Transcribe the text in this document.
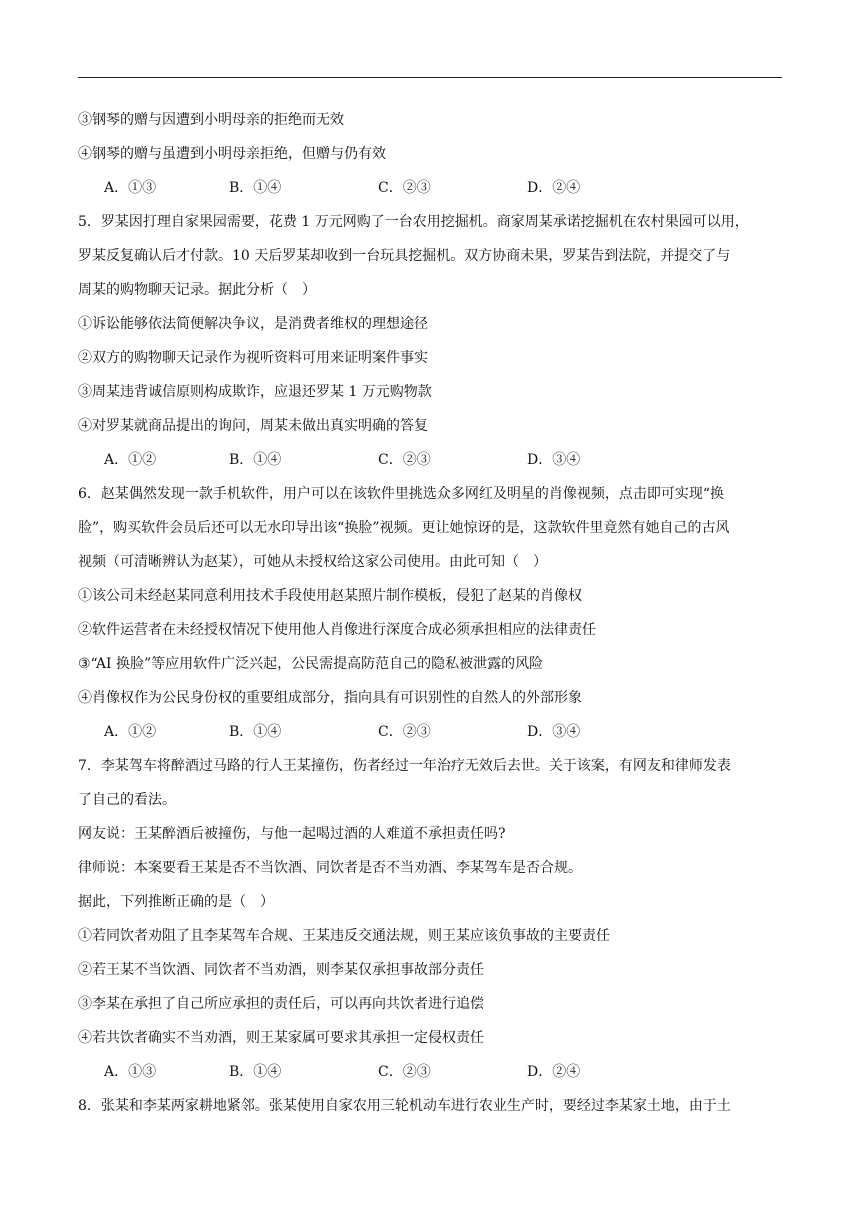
③钢琴的赠与因遭到小明母亲的拒绝而无效
④钢琴的赠与虽遭到小明母亲拒绝，但赠与仍有效
A．①③	B．①④	C．②③	D．②④
5．罗某因打理自家果园需要，花费 1 万元网购了一台农用挖掘机。商家周某承诺挖掘机在农村果园可以用，
罗某反复确认后才付款。10 天后罗某却收到一台玩具挖掘机。双方协商未果，罗某告到法院，并提交了与
周某的购物聊天记录。据此分析（　）
①诉讼能够依法简便解决争议，是消费者维权的理想途径
②双方的购物聊天记录作为视听资料可用来证明案件事实
③周某违背诚信原则构成欺诈，应退还罗某 1 万元购物款
④对罗某就商品提出的询问，周某未做出真实明确的答复
A．①②	B．①④	C．②③	D．③④
6．赵某偶然发现一款手机软件，用户可以在该软件里挑选众多网红及明星的肖像视频，点击即可实现“换
脸”，购买软件会员后还可以无水印导出该“换脸”视频。更让她惊讶的是，这款软件里竟然有她自己的古风
视频（可清晰辨认为赵某），可她从未授权给这家公司使用。由此可知（　）
①该公司未经赵某同意利用技术手段使用赵某照片制作模板，侵犯了赵某的肖像权
②软件运营者在未经授权情况下使用他人肖像进行深度合成必须承担相应的法律责任
③“AI 换脸”等应用软件广泛兴起，公民需提高防范自己的隐私被泄露的风险
④肖像权作为公民身份权的重要组成部分，指向具有可识别性的自然人的外部形象
A．①②	B．①④	C．②③	D．③④
7．李某驾车将醉酒过马路的行人王某撞伤，伤者经过一年治疗无效后去世。关于该案，有网友和律师发表
了自己的看法。
网友说：王某醉酒后被撞伤，与他一起喝过酒的人难道不承担责任吗?
律师说：本案要看王某是否不当饮酒、同饮者是否不当劝酒、李某驾车是否合规。
据此，下列推断正确的是（　）
①若同饮者劝阻了且李某驾车合规、王某违反交通法规，则王某应该负事故的主要责任
②若王某不当饮酒、同饮者不当劝酒，则李某仅承担事故部分责任
③李某在承担了自己所应承担的责任后，可以再向共饮者进行追偿
④若共饮者确实不当劝酒，则王某家属可要求其承担一定侵权责任
A．①③	B．①④	C．②③	D．②④
8．张某和李某两家耕地紧邻。张某使用自家农用三轮机动车进行农业生产时，要经过李某家土地，由于土
